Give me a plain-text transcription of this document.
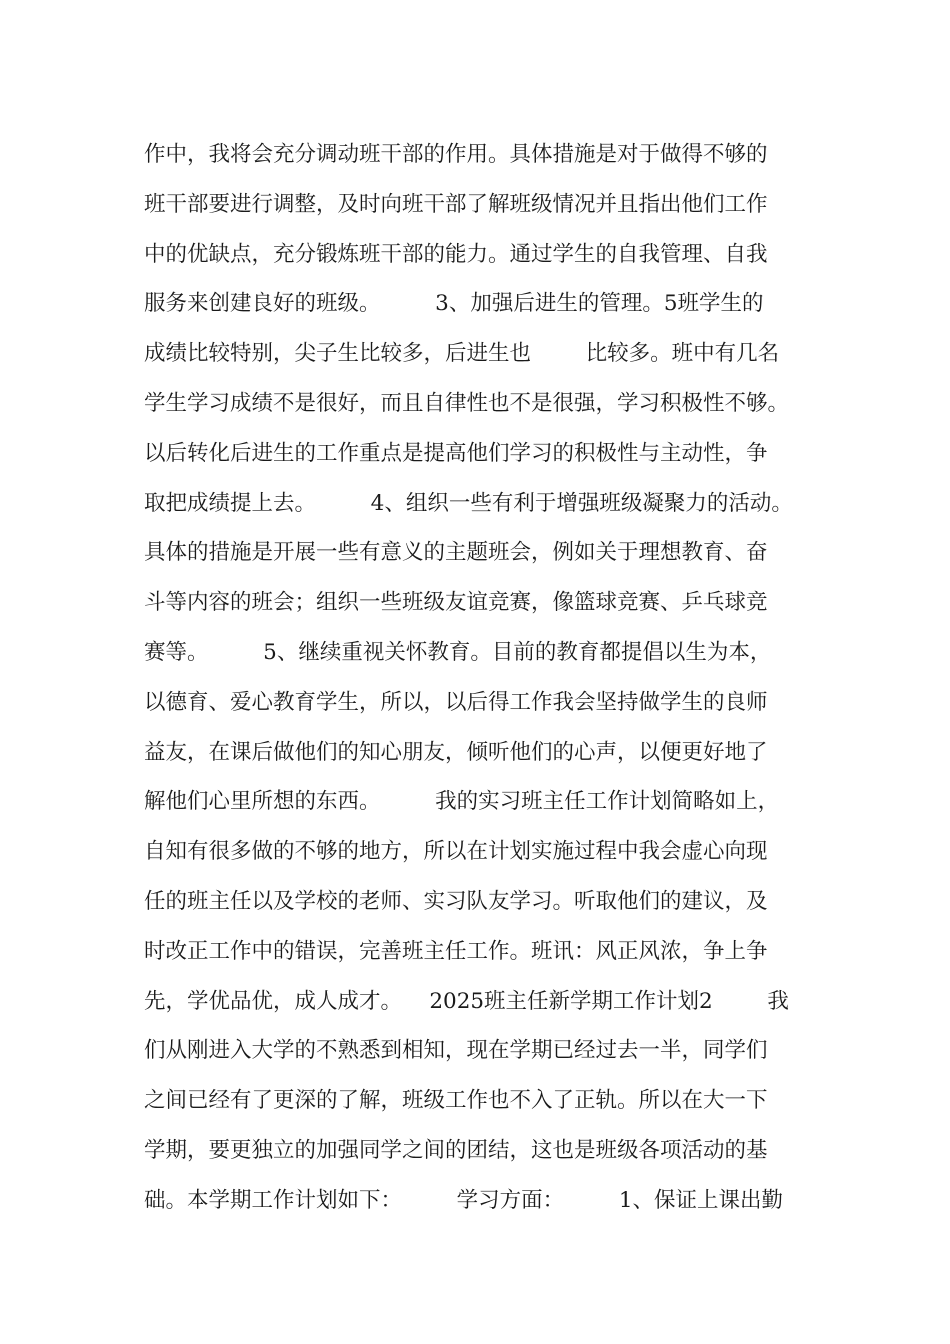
作中，我将会充分调动班干部的作用。具体措施是对于做得不够的
班干部要进行调整，及时向班干部了解班级情况并且指出他们工作
中的优缺点，充分锻炼班干部的能力。通过学生的自我管理、自我
服务来创建良好的班级。        3、加强后进生的管理。5班学生的
成绩比较特别，尖子生比较多，后进生也        比较多。班中有几名
学生学习成绩不是很好，而且自律性也不是很强，学习积极性不够。
以后转化后进生的工作重点是提高他们学习的积极性与主动性，争
取把成绩提上去。        4、组织一些有利于增强班级凝聚力的活动。
具体的措施是开展一些有意义的主题班会，例如关于理想教育、奋
斗等内容的班会；组织一些班级友谊竞赛，像篮球竞赛、乒乓球竞
赛等。        5、继续重视关怀教育。目前的教育都提倡以生为本，
以德育、爱心教育学生，所以，以后得工作我会坚持做学生的良师
益友，在课后做他们的知心朋友，倾听他们的心声，以便更好地了
解他们心里所想的东西。        我的实习班主任工作计划简略如上，
自知有很多做的不够的地方，所以在计划实施过程中我会虚心向现
任的班主任以及学校的老师、实习队友学习。听取他们的建议，及
时改正工作中的错误，完善班主任工作。班讯：风正风浓，争上争
先，学优品优，成人成才。    2025班主任新学期工作计划2        我
们从刚进入大学的不熟悉到相知，现在学期已经过去一半，同学们
之间已经有了更深的了解，班级工作也不入了正轨。所以在大一下
学期，要更独立的加强同学之间的团结，这也是班级各项活动的基
础。本学期工作计划如下：        学习方面：        1、保证上课出勤
